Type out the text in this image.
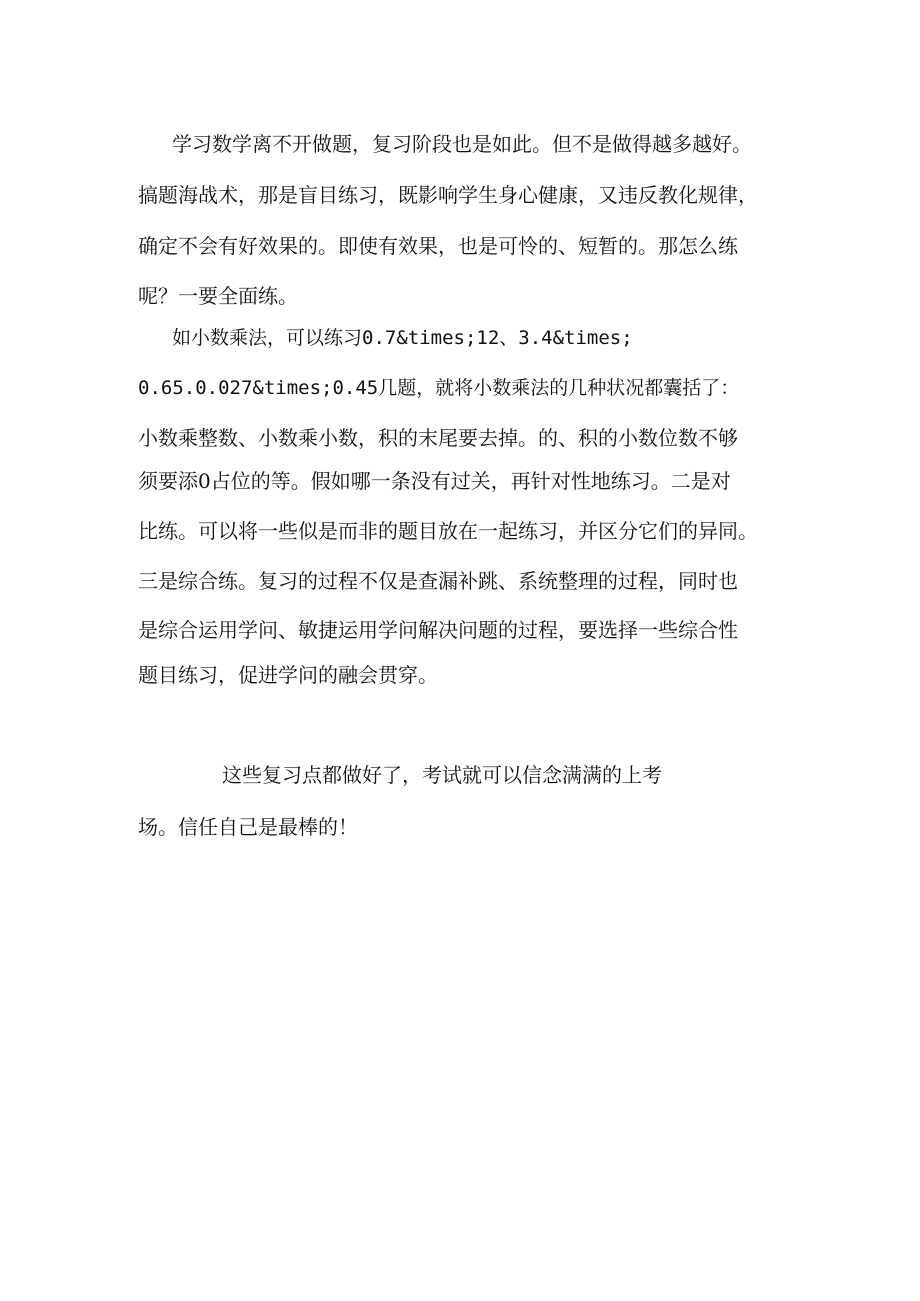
学习数学离不开做题，复习阶段也是如此。但不是做得越多越好。
搞题海战术，那是盲目练习，既影响学生身心健康，又违反教化规律，
确定不会有好效果的。即使有效果，也是可怜的、短暂的。那怎么练
呢？一要全面练。
如小数乘法，可以练习0.7&times;12、3.4&times;
0.65.0.027&times;0.45几题，就将小数乘法的几种状况都囊括了：
小数乘整数、小数乘小数，积的末尾要去掉。的、积的小数位数不够
须要添0占位的等。假如哪一条没有过关，再针对性地练习。二是对
比练。可以将一些似是而非的题目放在一起练习，并区分它们的异同。
三是综合练。复习的过程不仅是查漏补跳、系统整理的过程，同时也
是综合运用学问、敏捷运用学问解决问题的过程，要选择一些综合性
题目练习，促进学问的融会贯穿。
这些复习点都做好了，考试就可以信念满满的上考
场。信任自己是最棒的！
